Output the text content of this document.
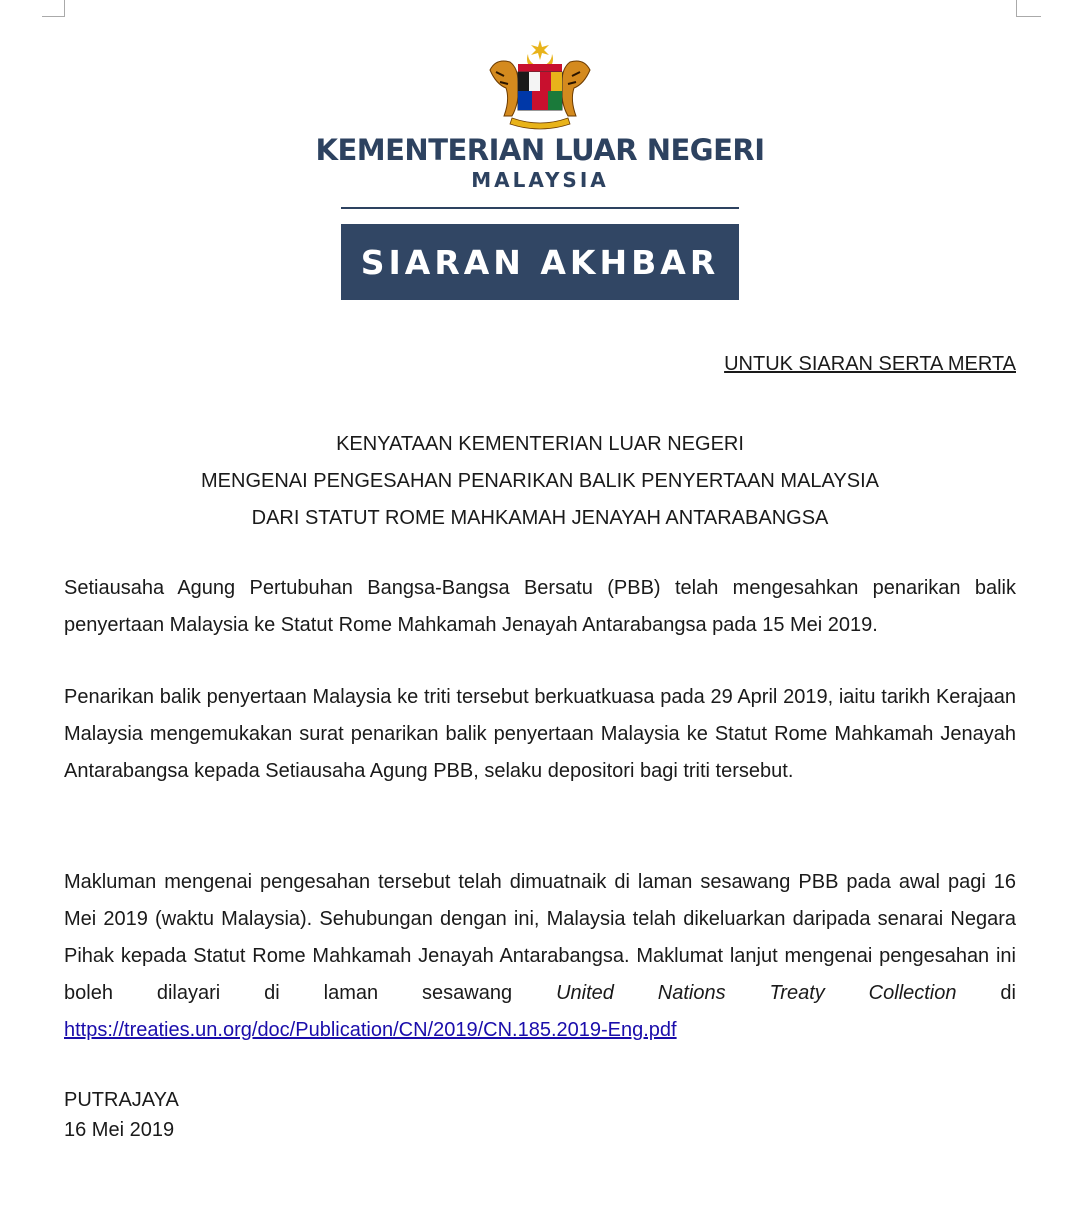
KEMENTERIAN LUAR NEGERI
MALAYSIA
SIARAN AKHBAR
UNTUK SIARAN SERTA MERTA
KENYATAAN KEMENTERIAN LUAR NEGERI
MENGENAI PENGESAHAN PENARIKAN BALIK PENYERTAAN MALAYSIA
DARI STATUT ROME MAHKAMAH JENAYAH ANTARABANGSA
Setiausaha Agung Pertubuhan Bangsa-Bangsa Bersatu (PBB) telah mengesahkan penarikan balik penyertaan Malaysia ke Statut Rome Mahkamah Jenayah Antarabangsa pada 15 Mei 2019.
Penarikan balik penyertaan Malaysia ke triti tersebut berkuatkuasa pada 29 April 2019, iaitu tarikh Kerajaan Malaysia mengemukakan surat penarikan balik penyertaan Malaysia ke Statut Rome Mahkamah Jenayah Antarabangsa kepada Setiausaha Agung PBB, selaku depositori bagi triti tersebut.
Makluman mengenai pengesahan tersebut telah dimuatnaik di laman sesawang PBB pada awal pagi 16 Mei 2019 (waktu Malaysia). Sehubungan dengan ini, Malaysia telah dikeluarkan daripada senarai Negara Pihak kepada Statut Rome Mahkamah Jenayah Antarabangsa. Maklumat lanjut mengenai pengesahan ini boleh dilayari di laman sesawang United Nations Treaty Collection di https://treaties.un.org/doc/Publication/CN/2019/CN.185.2019-Eng.pdf
PUTRAJAYA
16 Mei 2019
